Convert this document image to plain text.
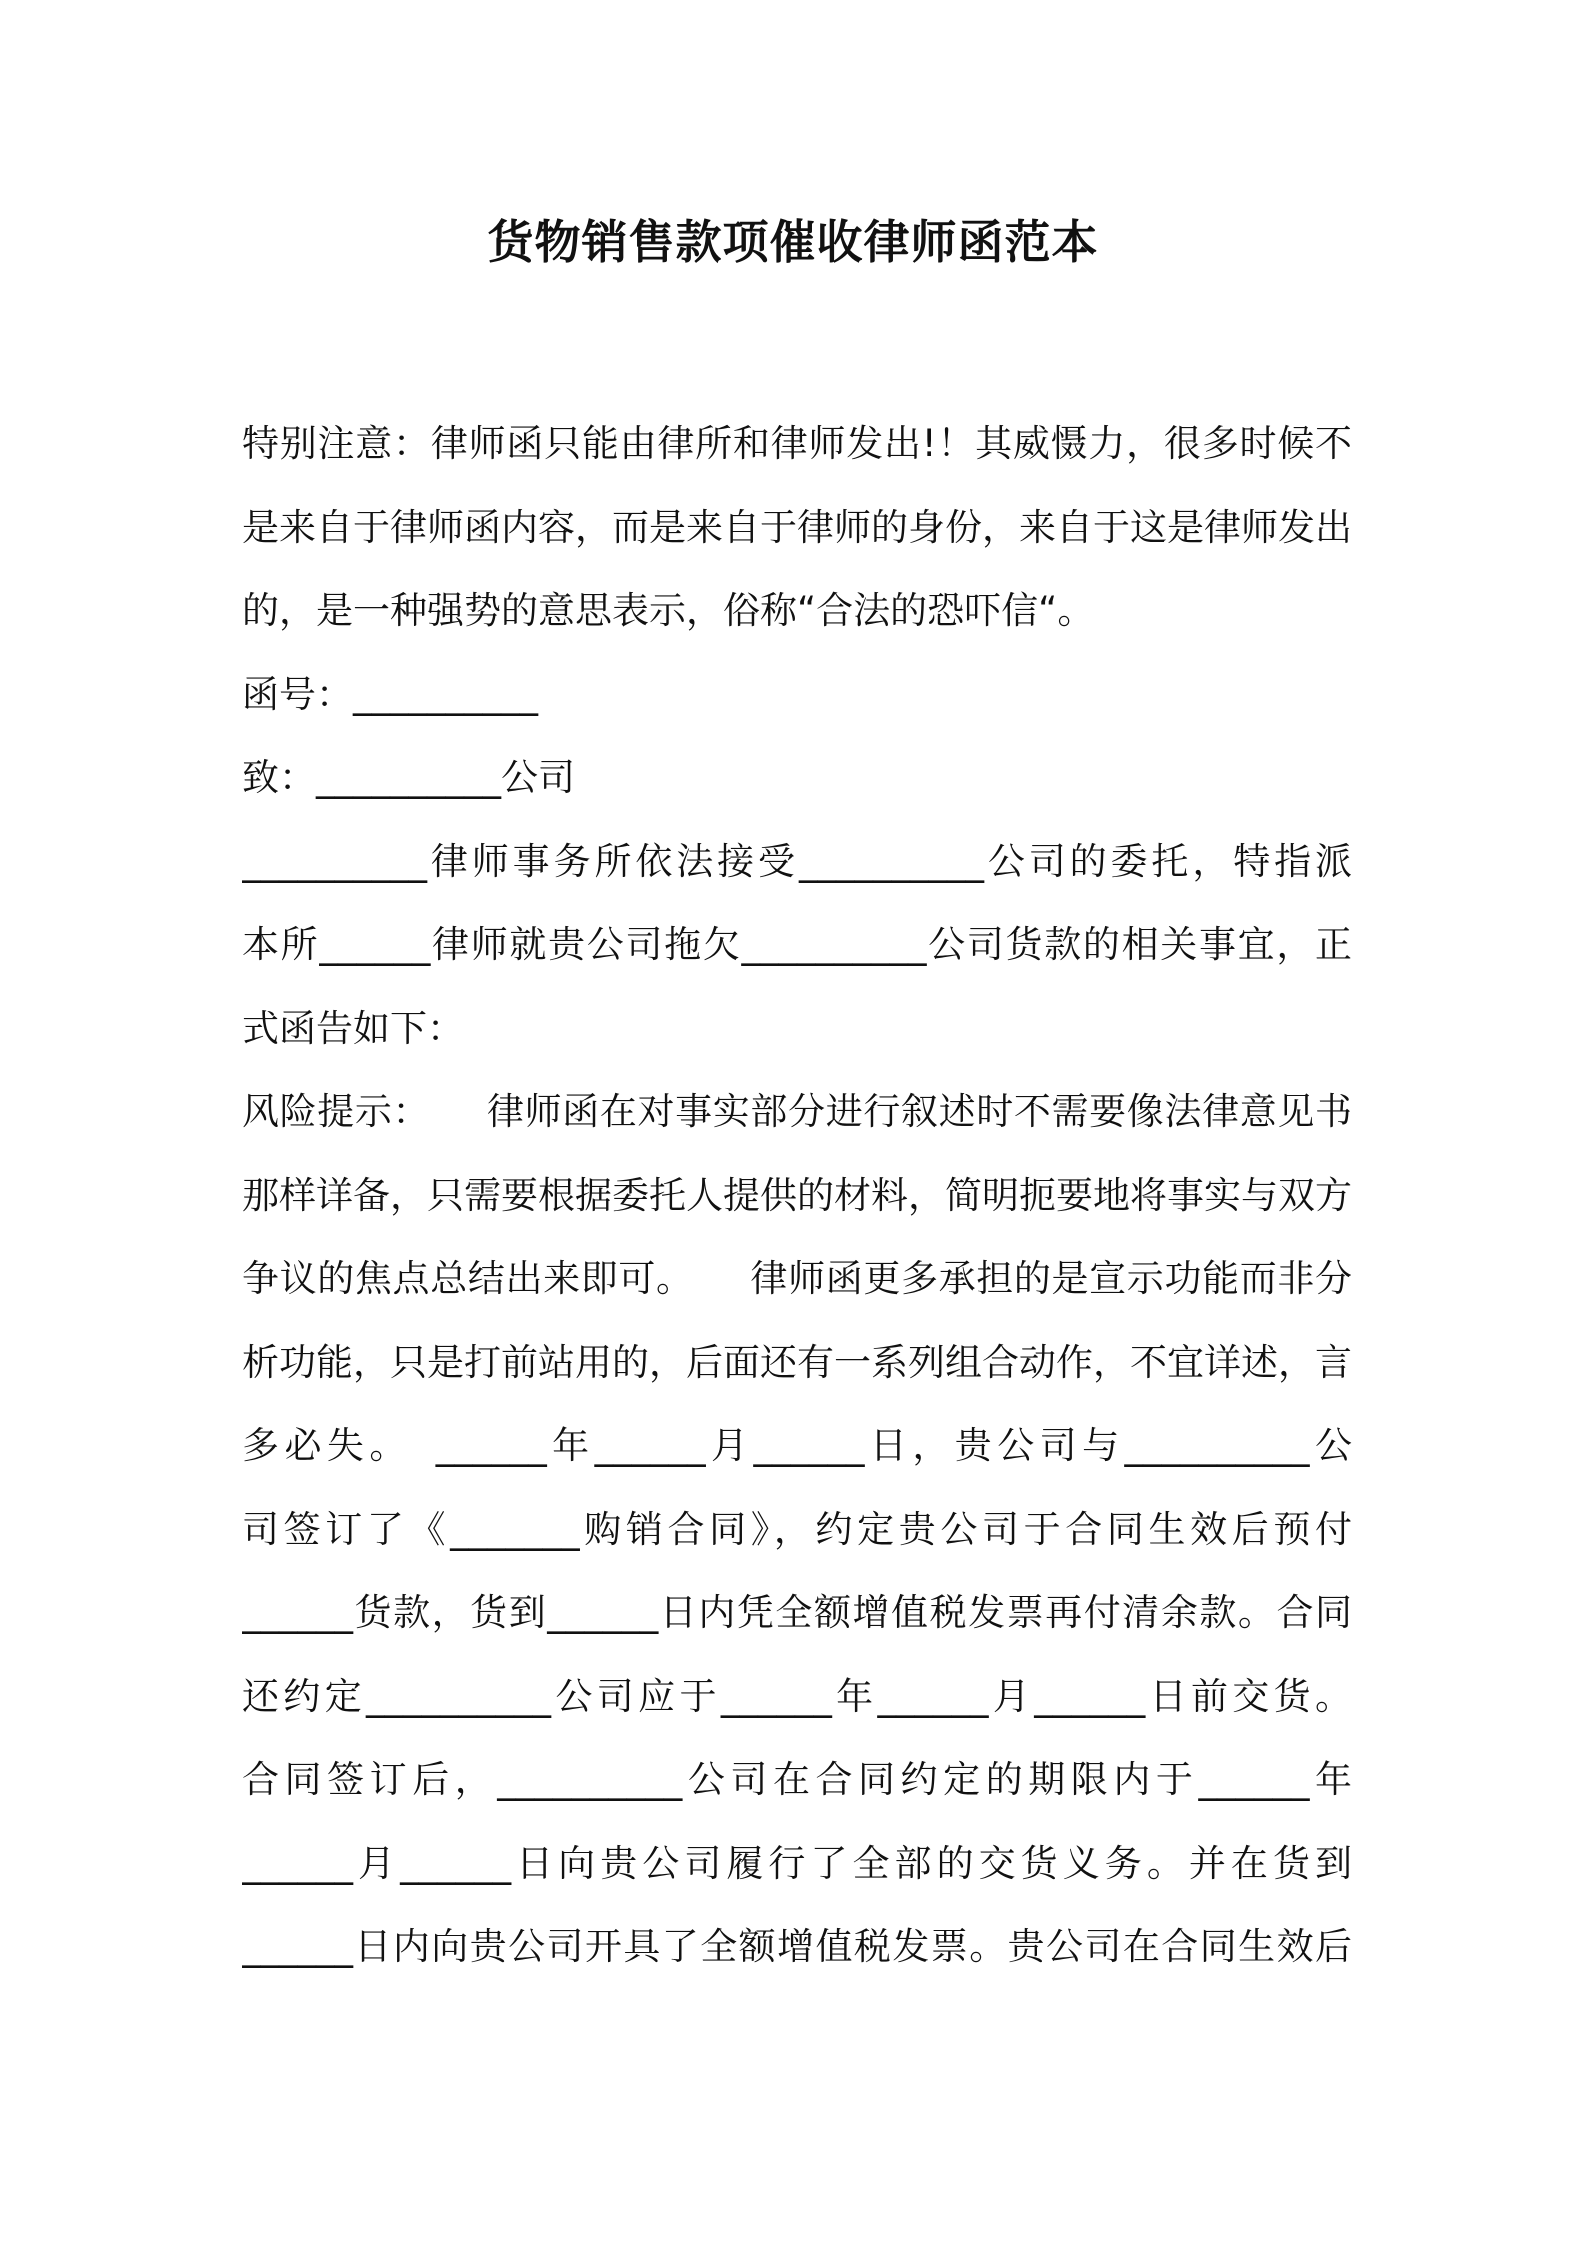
货物销售款项催收律师函范本
特别注意：律师函只能由律所和律师发出!！其威慑力，很多时候不
是来自于律师函内容，而是来自于律师的身份，来自于这是律师发出
的，是一种强势的意思表示，俗称“合法的恐吓信“。
函号：__________
致：__________公司
__________律师事务所依法接受__________公司的委托，特指派
本所______律师就贵公司拖欠__________公司货款的相关事宜，正
式函告如下：
风险提示：　　律师函在对事实部分进行叙述时不需要像法律意见书
那样详备，只需要根据委托人提供的材料，简明扼要地将事实与双方
争议的焦点总结出来即可。　　律师函更多承担的是宣示功能而非分
析功能，只是打前站用的，后面还有一系列组合动作，不宜详述，言
多必失。　______年______月______日，贵公司与__________公
司签订了《_______购销合同》，约定贵公司于合同生效后预付
______货款，货到______日内凭全额增值税发票再付清余款。合同
还约定__________公司应于______年______月______日前交货。
合同签订后，__________公司在合同约定的期限内于______年
______月______日向贵公司履行了全部的交货义务。并在货到
______日内向贵公司开具了全额增值税发票。贵公司在合同生效后
